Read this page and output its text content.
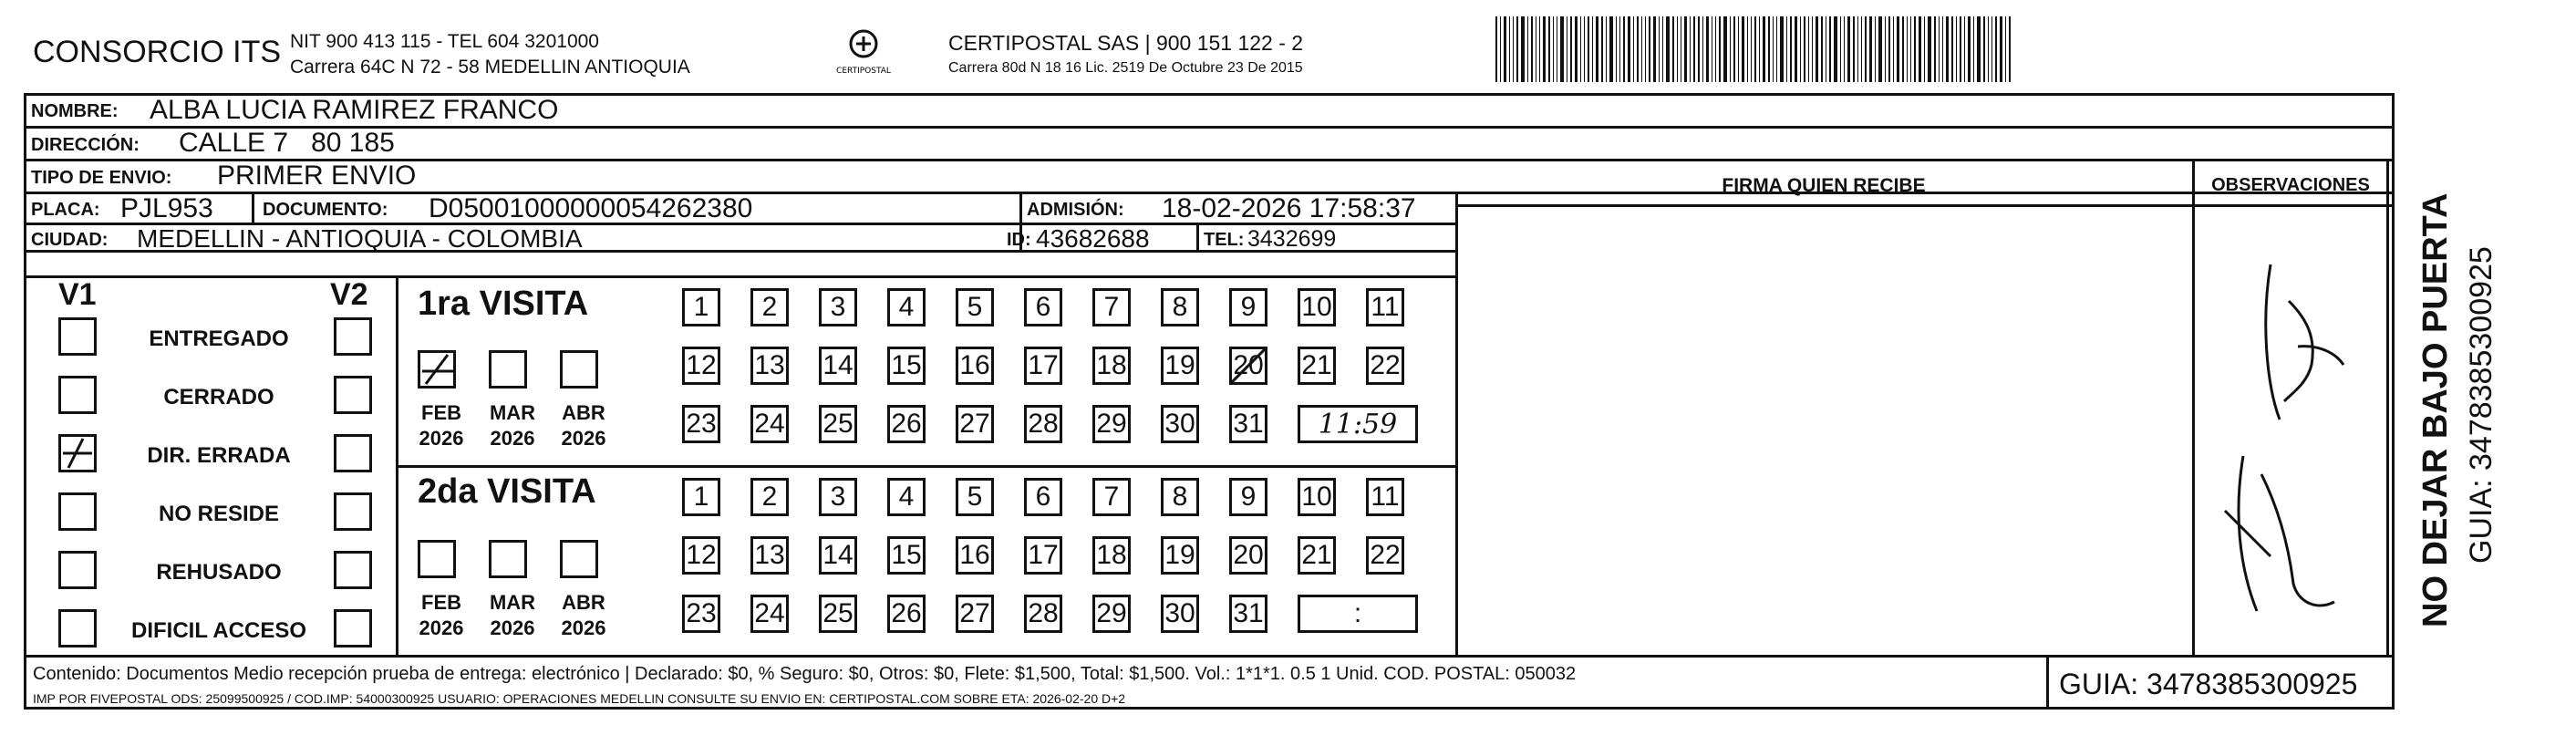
CONSORCIO ITS NIT 900 413 115 - TEL 604 3201000
Carrera 64C N 72 - 58 MEDELLIN ANTIOQUIA	CERTIPOSTAL
CERTIPOSTAL SAS | 900 151 122 - 2
Carrera 80d N 18 16 Lic. 2519 De Octubre 23 De 2015
NOMBRE: ALBA LUCIA RAMIREZ FRANCO
DIRECCIÓN: CALLE 7   80 185
TIPO DE ENVIO: PRIMER ENVIO	FIRMA QUIEN RECIBE	OBSERVACIONES
PLACA: PJL953	DOCUMENTO: D05001000000054262380	ADMISIÓN: 18-02-2026 17:58:37
CIUDAD: MEDELLIN - ANTIOQUIA - COLOMBIA	ID: 43682688	TEL: 3432699
V1	V2
ENTREGADO
CERRADO
DIR. ERRADA
NO RESIDE
REHUSADO
DIFICIL ACCESO
1ra VISITA
2da VISITA
FEB
2026
MAR
2026
ABR
2026
1	2	3	4	5	6	7	8	9	10 11
12 13 14 15 16 17 18 19 20 21 22
23 24 25 26 27 28 29 30 31	11:59
FEB
2026
MAR
2026
ABR
2026
1	2	3	4	5	6	7	8	9	10 11
12 13 14 15 16 17 18 19 20 21 22
23 24 25 26 27 28 29 30 31	:	NO DEJAR BAJO PUERTA GUIA: 3478385300925
Contenido: Documentos Medio recepción prueba de entrega: electrónico | Declarado: $0, % Seguro: $0, Otros: $0, Flete: $1,500, Total: $1,500. Vol.: 1*1*1. 0.5 1 Unid. COD. POSTAL: 050032
IMP POR FIVEPOSTAL ODS: 25099500925 / COD.IMP: 54000300925 USUARIO: OPERACIONES MEDELLIN CONSULTE SU ENVIO EN: CERTIPOSTAL.COM SOBRE ETA: 2026-02-20 D+2	GUIA: 3478385300925
